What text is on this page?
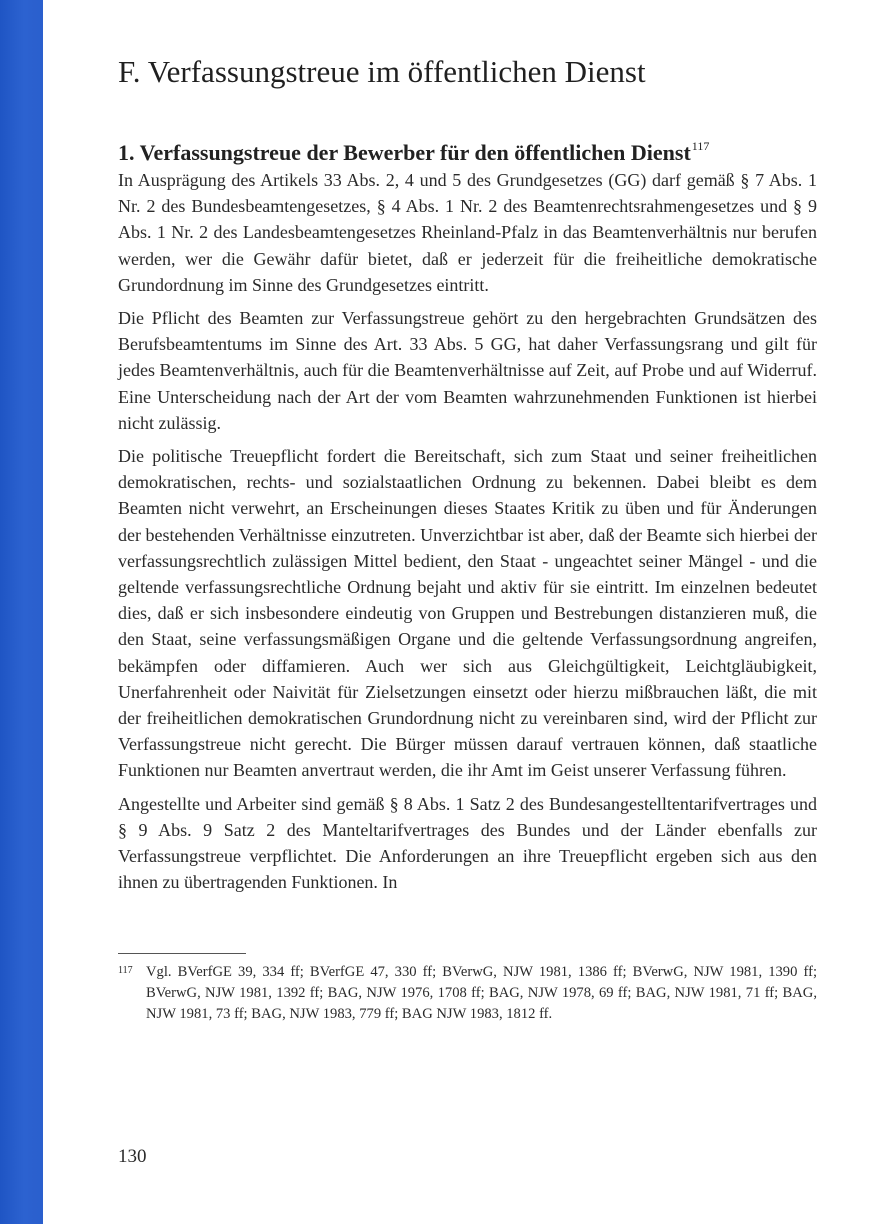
F. Verfassungstreue im öffentlichen Dienst
1. Verfassungstreue der Bewerber für den öffentlichen Dienst$^{117}$

In Ausprägung des Artikels 33 Abs. 2, 4 und 5 des Grundgesetzes (GG) darf gemäß § 7 Abs. 1 Nr. 2 des Bundesbeamtengesetzes, § 4 Abs. 1 Nr. 2 des Beamtenrechtsrahmengesetzes und § 9 Abs. 1 Nr. 2 des Landesbeamtengesetzes Rheinland-Pfalz in das Beamtenverhältnis nur berufen werden, wer die Gewähr dafür bietet, daß er jederzeit für die freiheitliche demokratische Grundordnung im Sinne des Grundgesetzes eintritt.

Die Pflicht des Beamten zur Verfassungstreue gehört zu den hergebrachten Grundsätzen des Berufsbeamtentums im Sinne des Art. 33 Abs. 5 GG, hat daher Verfassungsrang und gilt für jedes Beamtenverhältnis, auch für die Beamtenverhältnisse auf Zeit, auf Probe und auf Widerruf. Eine Unterscheidung nach der Art der vom Beamten wahrzunehmenden Funktionen ist hierbei nicht zulässig.

Die politische Treuepflicht fordert die Bereitschaft, sich zum Staat und seiner freiheitlichen demokratischen, rechts- und sozialstaatlichen Ordnung zu bekennen. Dabei bleibt es dem Beamten nicht verwehrt, an Erscheinungen dieses Staates Kritik zu üben und für Änderungen der bestehenden Verhältnisse einzutreten. Unverzichtbar ist aber, daß der Beamte sich hierbei der verfassungsrechtlich zulässigen Mittel bedient, den Staat - ungeachtet seiner Mängel - und die geltende verfassungsrechtliche Ordnung bejaht und aktiv für sie eintritt. Im einzelnen bedeutet dies, daß er sich insbesondere eindeutig von Gruppen und Bestrebungen distanzieren muß, die den Staat, seine verfassungsmäßigen Organe und die geltende Verfassungsordnung angreifen, bekämpfen oder diffamieren. Auch wer sich aus Gleichgültigkeit, Leichtgläubigkeit, Unerfahrenheit oder Naivität für Zielsetzungen einsetzt oder hierzu mißbrauchen läßt, die mit der freiheitlichen demokratischen Grundordnung nicht zu vereinbaren sind, wird der Pflicht zur Verfassungstreue nicht gerecht. Die Bürger müssen darauf vertrauen können, daß staatliche Funktionen nur Beamten anvertraut werden, die ihr Amt im Geist unserer Verfassung führen.

Angestellte und Arbeiter sind gemäß § 8 Abs. 1 Satz 2 des Bundesangestelltentarifvertrages und § 9 Abs. 9 Satz 2 des Manteltarifvertrages des Bundes und der Länder ebenfalls zur Verfassungstreue verpflichtet. Die Anforderungen an ihre Treuepflicht ergeben sich aus den ihnen zu übertragenden Funktionen. In

117 Vgl. BVerfGE 39, 334 ff; BVerfGE 47, 330 ff; BVerwG, NJW 1981, 1386 ff; BVerwG, NJW 1981, 1390 ff; BVerwG, NJW 1981, 1392 ff; BAG, NJW 1976, 1708 ff; BAG, NJW 1978, 69 ff; BAG, NJW 1981, 71 ff; BAG, NJW 1981, 73 ff; BAG, NJW 1983, 779 ff; BAG NJW 1983, 1812 ff.
130
